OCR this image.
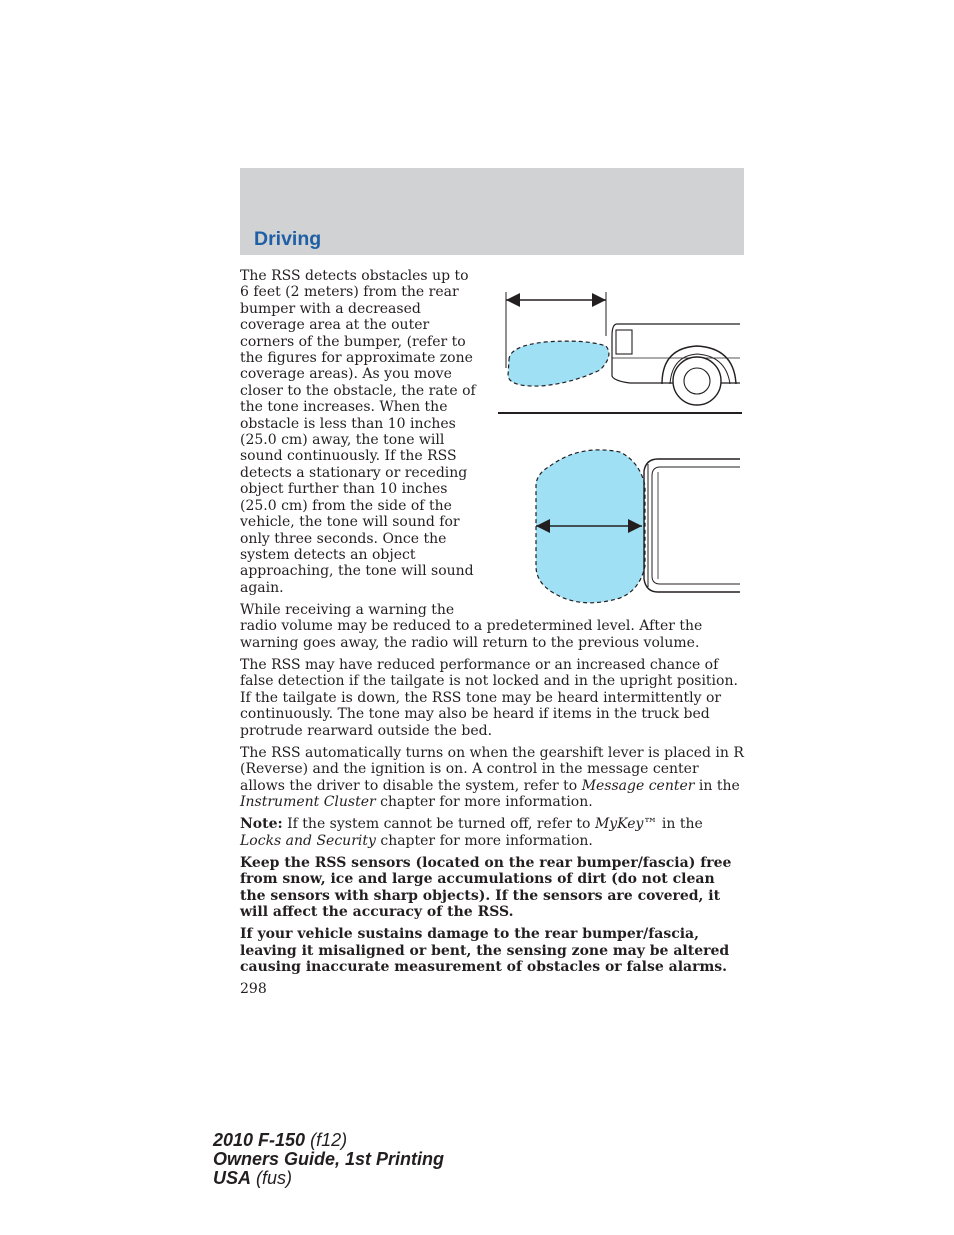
Driving

The RSS detects obstacles up to 6 feet (2 meters) from the rear bumper with a decreased coverage area at the outer corners of the bumper, (refer to the figures for approximate zone coverage areas). As you move closer to the obstacle, the rate of the tone increases. When the obstacle is less than 10 inches (25.0 cm) away, the tone will sound continuously. If the RSS detects a stationary or receding object further than 10 inches (25.0 cm) from the side of the vehicle, the tone will sound for only three seconds. Once the system detects an object approaching, the tone will sound again.

While receiving a warning the radio volume may be reduced to a predetermined level. After the warning goes away, the radio will return to the previous volume.

The RSS may have reduced performance or an increased chance of false detection if the tailgate is not locked and in the upright position. If the tailgate is down, the RSS tone may be heard intermittently or continuously. The tone may also be heard if items in the truck bed protrude rearward outside the bed.

The RSS automatically turns on when the gearshift lever is placed in R (Reverse) and the ignition is on. A control in the message center allows the driver to disable the system, refer to Message center in the Instrument Cluster chapter for more information.

Note: If the system cannot be turned off, refer to MyKey™ in the Locks and Security chapter for more information.

Keep the RSS sensors (located on the rear bumper/fascia) free from snow, ice and large accumulations of dirt (do not clean the sensors with sharp objects). If the sensors are covered, it will affect the accuracy of the RSS.

If your vehicle sustains damage to the rear bumper/fascia, leaving it misaligned or bent, the sensing zone may be altered causing inaccurate measurement of obstacles or false alarms.

298

2010 F-150 (f12)
Owners Guide, 1st Printing
USA (fus)
